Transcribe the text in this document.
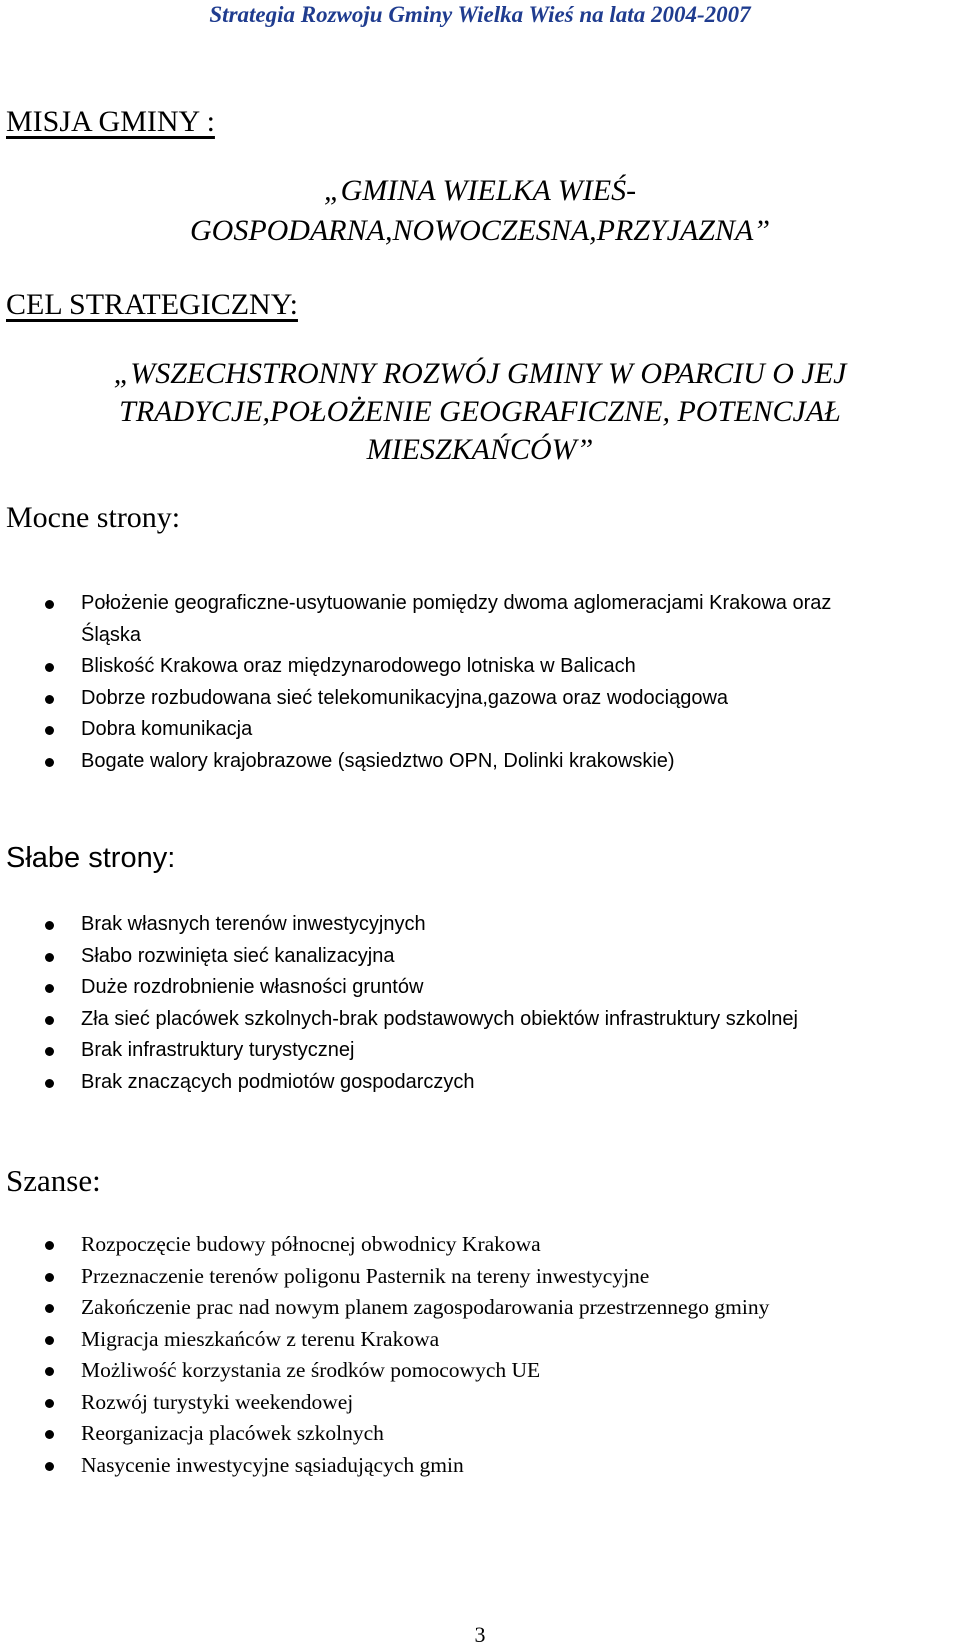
Strategia Rozwoju Gminy Wielka Wieś na lata 2004-2007
MISJA GMINY :
„GMINA WIELKA WIEŚ-
GOSPODARNA,NOWOCZESNA,PRZYJAZNA”
CEL STRATEGICZNY:
„WSZECHSTRONNY ROZWÓJ GMINY W OPARCIU O JEJ
TRADYCJE,POŁOŻENIE GEOGRAFICZNE, POTENCJAŁ
MIESZKAŃCÓW”
Mocne strony:
Położenie geograficzne-usytuowanie pomiędzy dwoma aglomeracjami Krakowa oraz
Śląska
Bliskość Krakowa oraz międzynarodowego lotniska w Balicach
Dobrze rozbudowana sieć telekomunikacyjna,gazowa oraz wodociągowa
Dobra komunikacja
Bogate walory krajobrazowe (sąsiedztwo OPN, Dolinki krakowskie)
Słabe strony:
Brak własnych terenów inwestycyjnych
Słabo rozwinięta sieć kanalizacyjna
Duże rozdrobnienie własności gruntów
Zła sieć placówek szkolnych-brak podstawowych obiektów infrastruktury szkolnej
Brak infrastruktury turystycznej
Brak znaczących podmiotów gospodarczych
Szanse:
Rozpoczęcie budowy północnej obwodnicy Krakowa
Przeznaczenie terenów poligonu Pasternik na tereny inwestycyjne
Zakończenie prac nad nowym planem zagospodarowania przestrzennego gminy
Migracja mieszkańców z terenu Krakowa
Możliwość korzystania ze środków pomocowych UE
Rozwój turystyki weekendowej
Reorganizacja placówek szkolnych
Nasycenie inwestycyjne sąsiadujących gmin
3
